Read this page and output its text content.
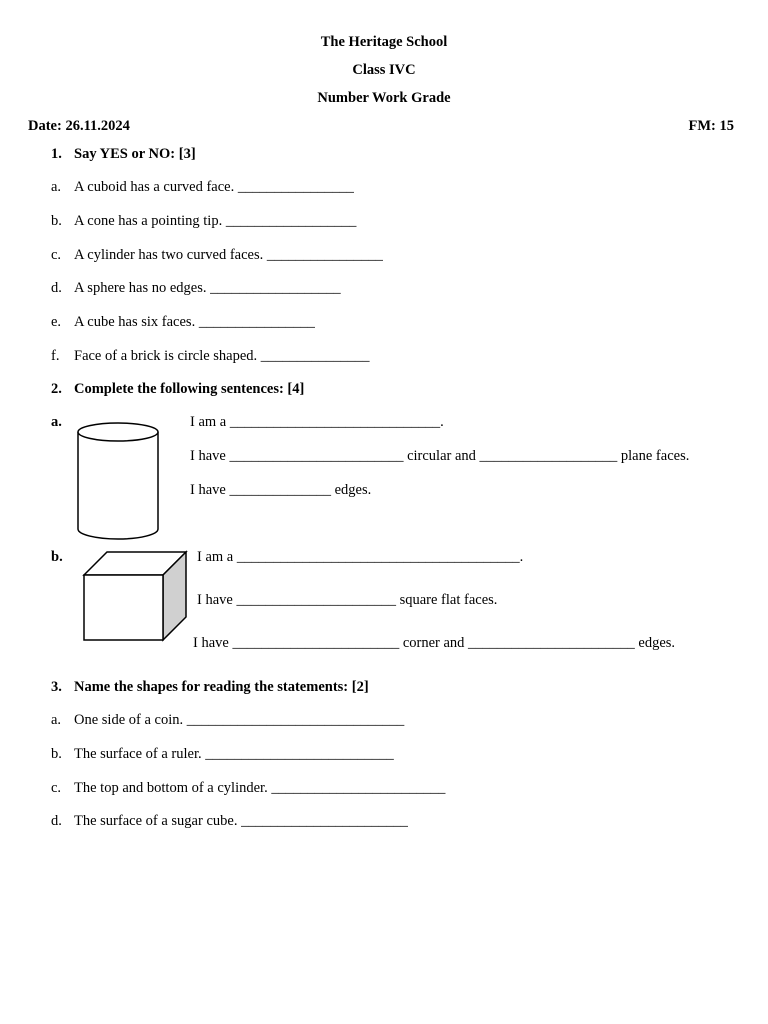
The Heritage School
Class IVC
Number Work Grade
Date: 26.11.2024	FM: 15
1. Say YES or NO: [3]
a. A cuboid has a curved face. ________________
b. A cone has a pointing tip. __________________
c. A cylinder has two curved faces. ________________
d. A sphere has no edges. __________________
e. A cube has six faces. ________________
f. Face of a brick is circle shaped. _______________
2. Complete the following sentences: [4]
a.	I am a _____________________________.
I have ________________________ circular and ___________________ plane faces.
I have ______________ edges.
b.	I am a _______________________________________.
I have ______________________ square flat faces.
I have _______________________ corner and _______________________ edges.
3. Name the shapes for reading the statements: [2]
a. One side of a coin. ______________________________
b. The surface of a ruler. __________________________
c. The top and bottom of a cylinder. ________________________
d. The surface of a sugar cube. _______________________
